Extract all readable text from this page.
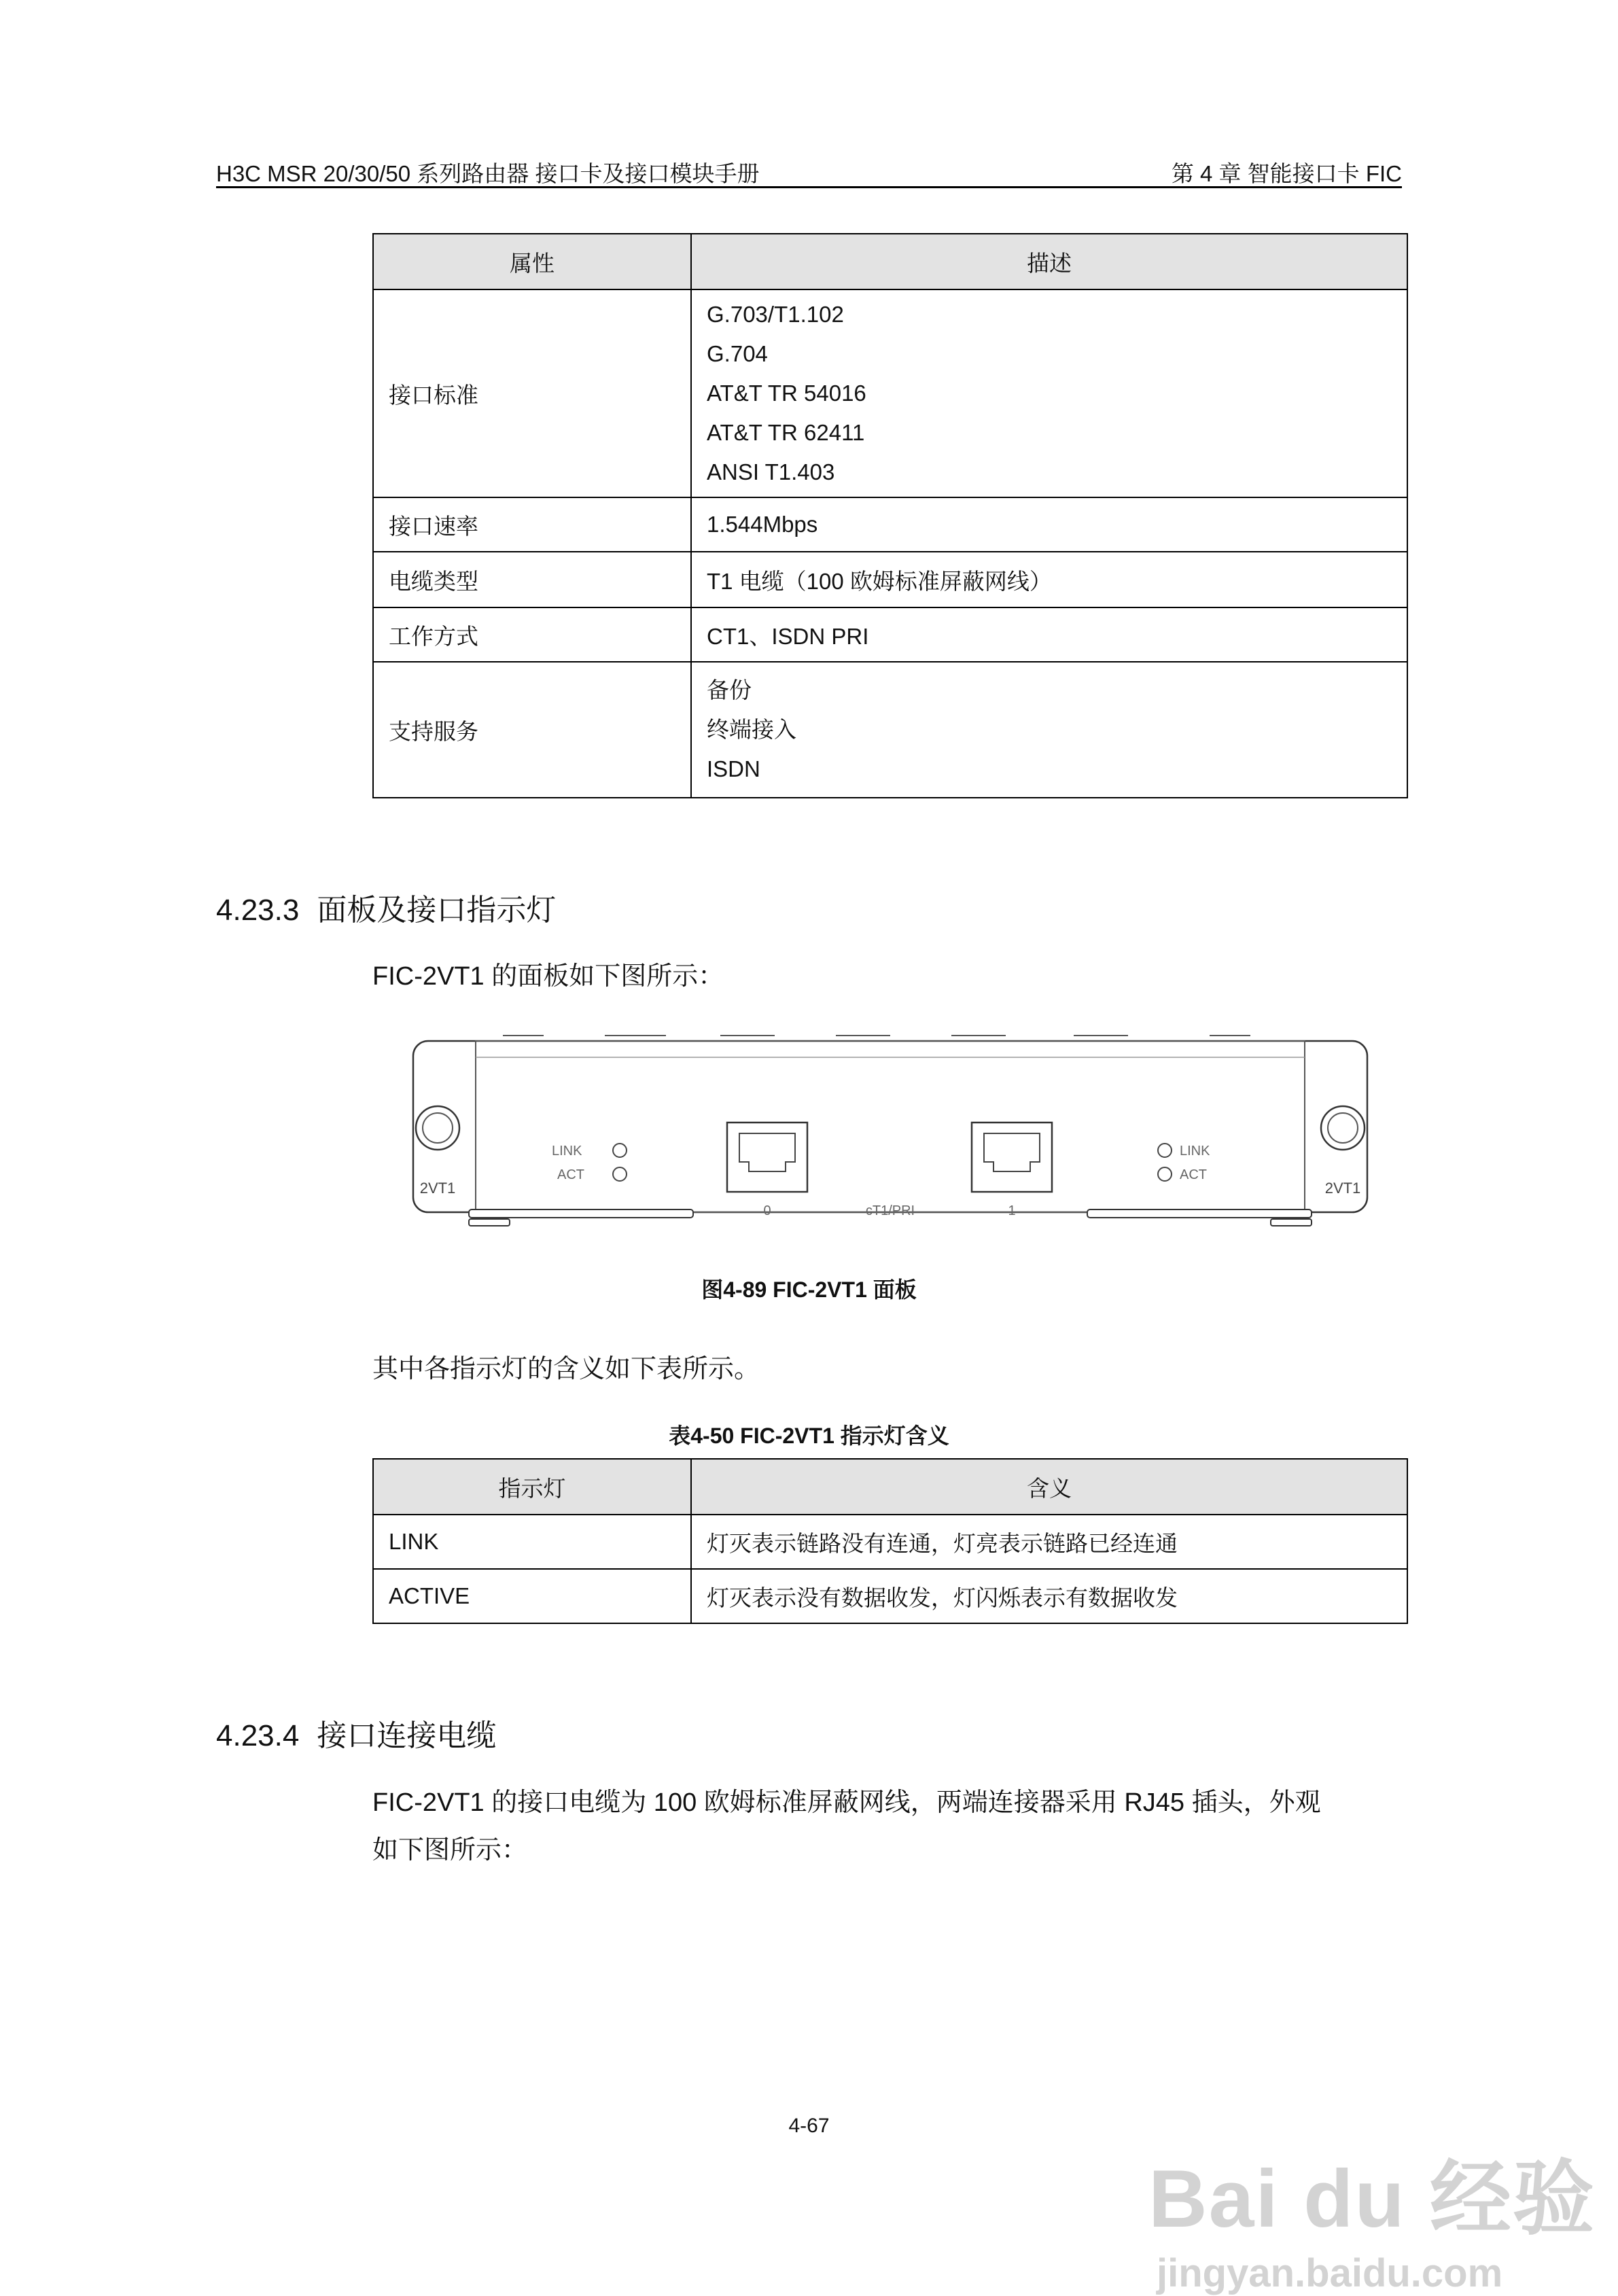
H3C MSR 20/30/50 系列路由器 接口卡及接口模块手册	第 4 章 智能接口卡 FIC
属性	描述
接口标准	G.703/T1.102
G.704
AT&T TR 54016
AT&T TR 62411
ANSI T1.403

接口速率	1.544Mbps
电缆类型	T1 电缆（100 欧姆标准屏蔽网线）
工作方式	CT1、ISDN PRI
支持服务	备份
终端接入
ISDN
4.23.3 面板及接口指示灯
FIC-2VT1 的面板如下图所示：
2VT1	2VT1
LINK
ACT
LINK
ACT
0	1
cT1/PRI
图4-89 FIC-2VT1 面板
其中各指示灯的含义如下表所示。
表4-50 FIC-2VT1 指示灯含义
指示灯	含义
LINK	灯灭表示链路没有连通，灯亮表示链路已经连通
ACTIVE	灯灭表示没有数据收发，灯闪烁表示有数据收发
4.23.4 接口连接电缆
FIC-2VT1 的接口电缆为 100 欧姆标准屏蔽网线，两端连接器采用 RJ45 插头，外观
如下图所示：
4-67
Bai du 经验
jingyan.baidu.com
